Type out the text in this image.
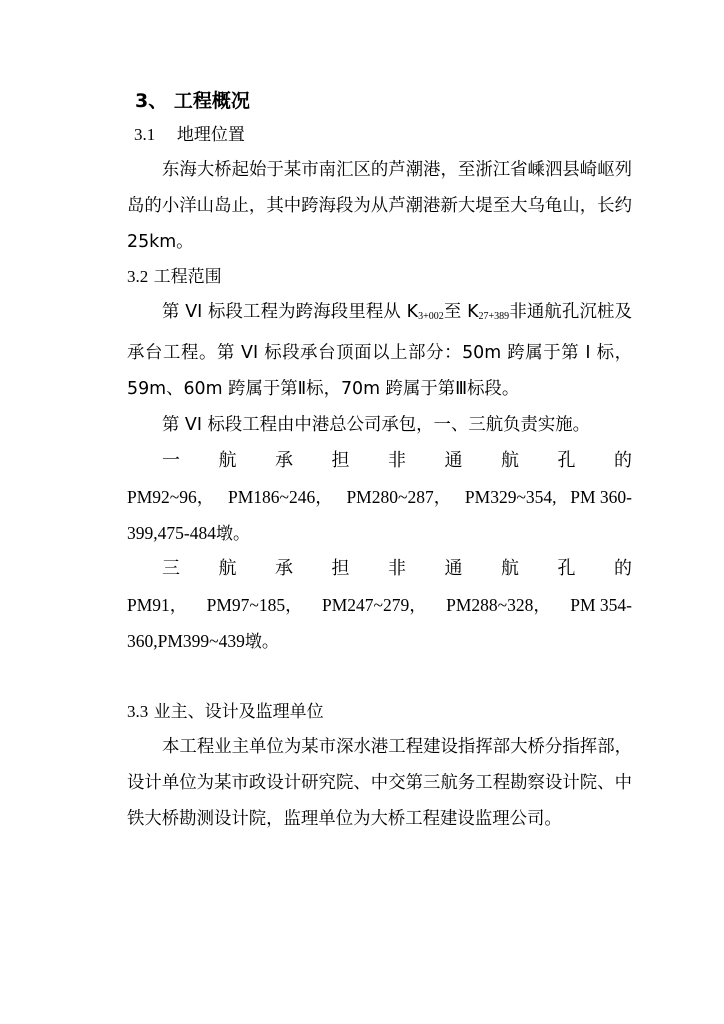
3、 工程概况
3.1 地理位置

东海大桥起始于某市南汇区的芦潮港，至浙江省嵊泗县崎岖列岛的小洋山岛止，其中跨海段为从芦潮港新大堤至大乌龟山，长约25km。

3.2 工程范围

第 VI 标段工程为跨海段里程从 $K_{3+002}$至 $K_{27+389}$非通航孔沉桩及承台工程。第 VI 标段承台顶面以上部分：50m 跨属于第 I 标，59m、60m 跨属于第Ⅱ标，70m 跨属于第Ⅲ标段。

第 VI 标段工程由中港总公司承包，一、三航负责实施。

一 航 承 担 非 通 航 孔 的
PM92~96， PM186~246， PM280~287， PM329~354, PM 360-
399,475-484墩。
三 航 承 担 非 通 航 孔 的
PM91， PM97~185， PM247~279， PM288~328， PM 354-
360,PM399~439墩。
3.3 业主、设计及监理单位

本工程业主单位为某市深水港工程建设指挥部大桥分指挥部，设计单位为某市政设计研究院、中交第三航务工程勘察设计院、中铁大桥勘测设计院，监理单位为大桥工程建设监理公司。
